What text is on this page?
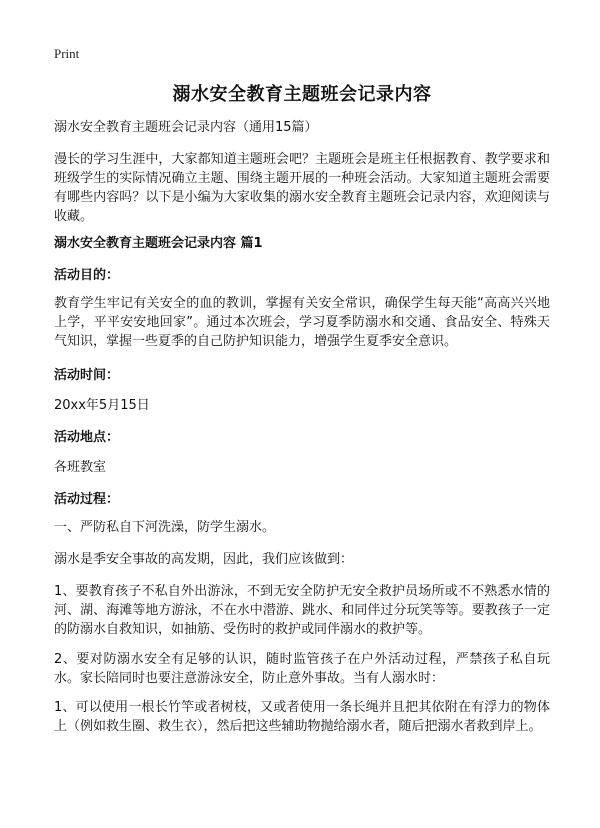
Print
溺水安全教育主题班会记录内容

溺水安全教育主题班会记录内容（通用15篇）

漫长的学习生涯中，大家都知道主题班会吧？主题班会是班主任根据教育、教学要求和班级学生的实际情况确立主题、围绕主题开展的一种班会活动。大家知道主题班会需要有哪些内容吗？以下是小编为大家收集的溺水安全教育主题班会记录内容，欢迎阅读与收藏。

溺水安全教育主题班会记录内容 篇1

活动目的：

教育学生牢记有关安全的血的教训，掌握有关安全常识，确保学生每天能“高高兴兴地上学，平平安安地回家”。通过本次班会，学习夏季防溺水和交通、食品安全、特殊天气知识，掌握一些夏季的自己防护知识能力，增强学生夏季安全意识。

活动时间：

20xx年5月15日

活动地点：

各班教室

活动过程：

一、严防私自下河洗澡，防学生溺水。

溺水是季安全事故的高发期，因此，我们应该做到：

1、要教育孩子不私自外出游泳，不到无安全防护无安全救护员场所或不不熟悉水情的河、湖、海滩等地方游泳，不在水中潜游、跳水、和同伴过分玩笑等等。要教孩子一定的防溺水自救知识，如抽筋、受伤时的救护或同伴溺水的救护等。

2、要对防溺水安全有足够的认识，随时监管孩子在户外活动过程，严禁孩子私自玩水。家长陪同时也要注意游泳安全，防止意外事故。当有人溺水时：

1、可以使用一根长竹竿或者树枝，又或者使用一条长绳并且把其依附在有浮力的物体上（例如救生圈、救生衣），然后把这些辅助物抛给溺水者，随后把溺水者救到岸上。
